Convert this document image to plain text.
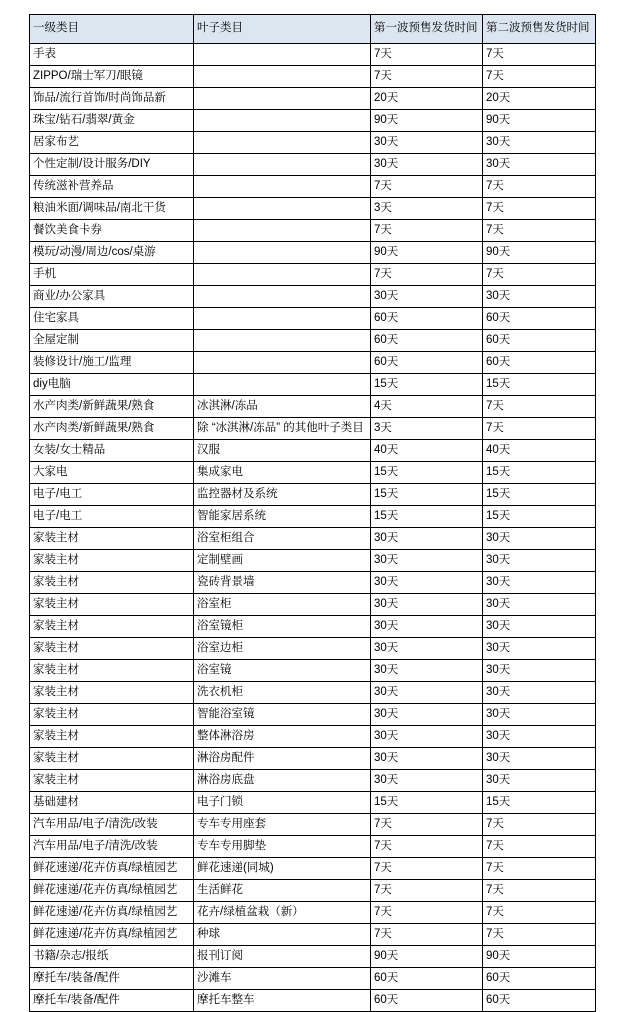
一级类目	叶子类目	第一波预售发货时间	第二波预售发货时间
手表		7天	7天
ZIPPO/瑞士军刀/眼镜		7天	7天
饰品/流行首饰/时尚饰品新		20天	20天
珠宝/钻石/翡翠/黄金		90天	90天
居家布艺		30天	30天
个性定制/设计服务/DIY		30天	30天
传统滋补营养品		7天	7天
粮油米面/调味品/南北干货		3天	7天
餐饮美食卡券		7天	7天
模玩/动漫/周边/cos/桌游		90天	90天
手机		7天	7天
商业/办公家具		30天	30天
住宅家具		60天	60天
全屋定制		60天	60天
装修设计/施工/监理		60天	60天
diy电脑		15天	15天
水产肉类/新鲜蔬果/熟食	冰淇淋/冻品	4天	7天
水产肉类/新鲜蔬果/熟食	除 “冰淇淋/冻品” 的其他叶子类目	3天	7天
女装/女士精品	汉服	40天	40天
大家电	集成家电	15天	15天
电子/电工	监控器材及系统	15天	15天
电子/电工	智能家居系统	15天	15天
家装主材	浴室柜组合	30天	30天
家装主材	定制壁画	30天	30天
家装主材	瓷砖背景墙	30天	30天
家装主材	浴室柜	30天	30天
家装主材	浴室镜柜	30天	30天
家装主材	浴室边柜	30天	30天
家装主材	浴室镜	30天	30天
家装主材	洗衣机柜	30天	30天
家装主材	智能浴室镜	30天	30天
家装主材	整体淋浴房	30天	30天
家装主材	淋浴房配件	30天	30天
家装主材	淋浴房底盘	30天	30天
基础建材	电子门锁	15天	15天
汽车用品/电子/清洗/改装	专车专用座套	7天	7天
汽车用品/电子/清洗/改装	专车专用脚垫	7天	7天
鲜花速递/花卉仿真/绿植园艺	鲜花速递(同城)	7天	7天
鲜花速递/花卉仿真/绿植园艺	生活鲜花	7天	7天
鲜花速递/花卉仿真/绿植园艺	花卉/绿植盆栽（新）	7天	7天
鲜花速递/花卉仿真/绿植园艺	种球	7天	7天
书籍/杂志/报纸	报刊订阅	90天	90天
摩托车/装备/配件	沙滩车	60天	60天
摩托车/装备/配件	摩托车整车	60天	60天
